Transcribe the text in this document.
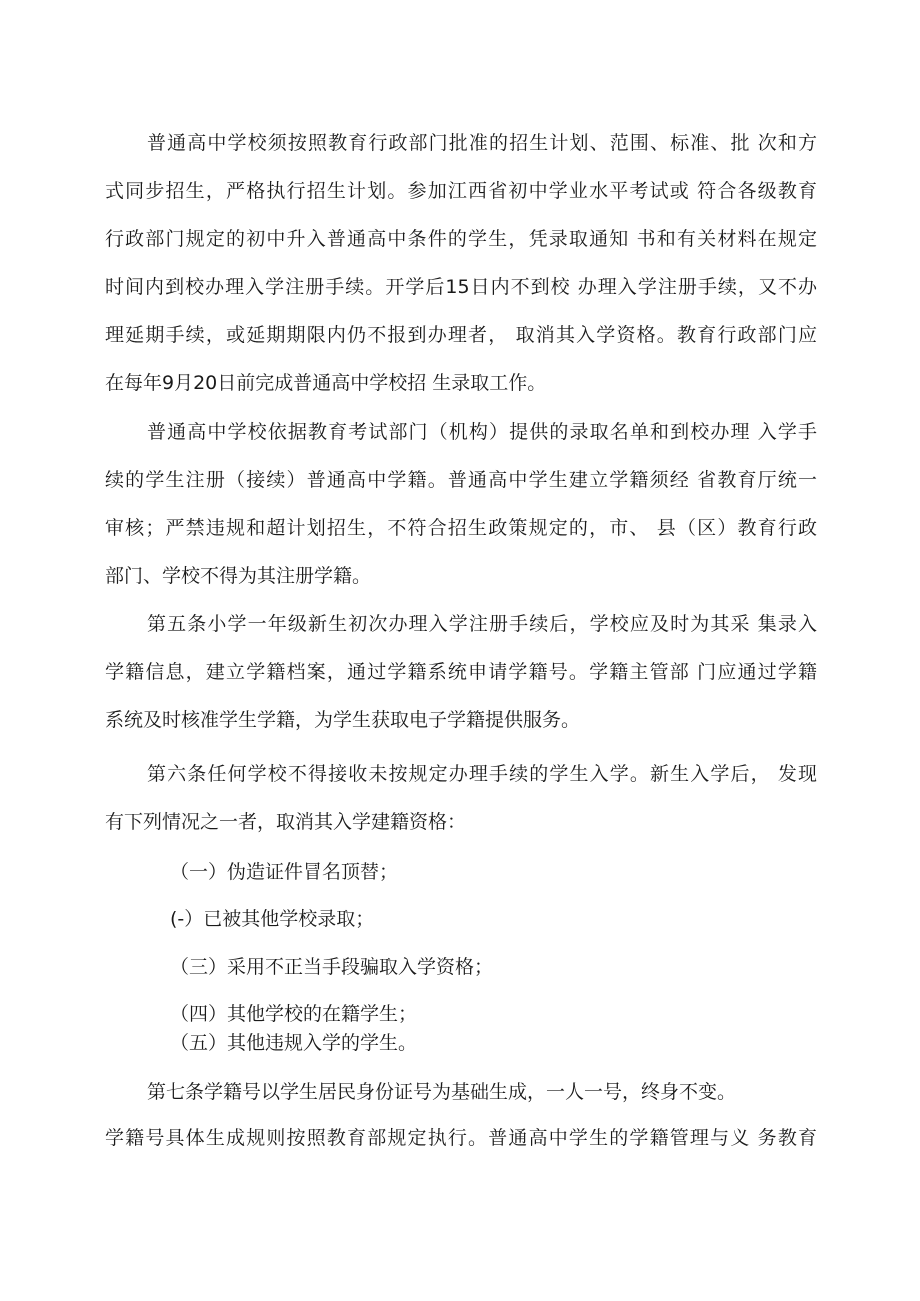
普通高中学校须按照教育行政部门批准的招生计划、范围、标准、批 次和方

式同步招生，严格执行招生计划。参加江西省初中学业水平考试或 符合各级教育

行政部门规定的初中升入普通高中条件的学生，凭录取通知 书和有关材料在规定

时间内到校办理入学注册手续。开学后15日内不到校 办理入学注册手续，又不办

理延期手续，或延期期限内仍不报到办理者， 取消其入学资格。教育行政部门应

在每年9月20日前完成普通高中学校招 生录取工作。

普通高中学校依据教育考试部门（机构）提供的录取名单和到校办理 入学手

续的学生注册（接续）普通高中学籍。普通高中学生建立学籍须经 省教育厅统一

审核；严禁违规和超计划招生，不符合招生政策规定的，市、 县（区）教育行政

部门、学校不得为其注册学籍。

第五条小学一年级新生初次办理入学注册手续后，学校应及时为其采 集录入

学籍信息，建立学籍档案，通过学籍系统申请学籍号。学籍主管部 门应通过学籍

系统及时核准学生学籍，为学生获取电子学籍提供服务。

第六条任何学校不得接收未按规定办理手续的学生入学。新生入学后， 发现

有下列情况之一者，取消其入学建籍资格：

（一）伪造证件冒名顶替；

(-）已被其他学校录取；

（三）采用不正当手段骗取入学资格；

（四）其他学校的在籍学生；

（五）其他违规入学的学生。

第七条学籍号以学生居民身份证号为基础生成，一人一号，终身不变。

学籍号具体生成规则按照教育部规定执行。普通高中学生的学籍管理与义 务教育
